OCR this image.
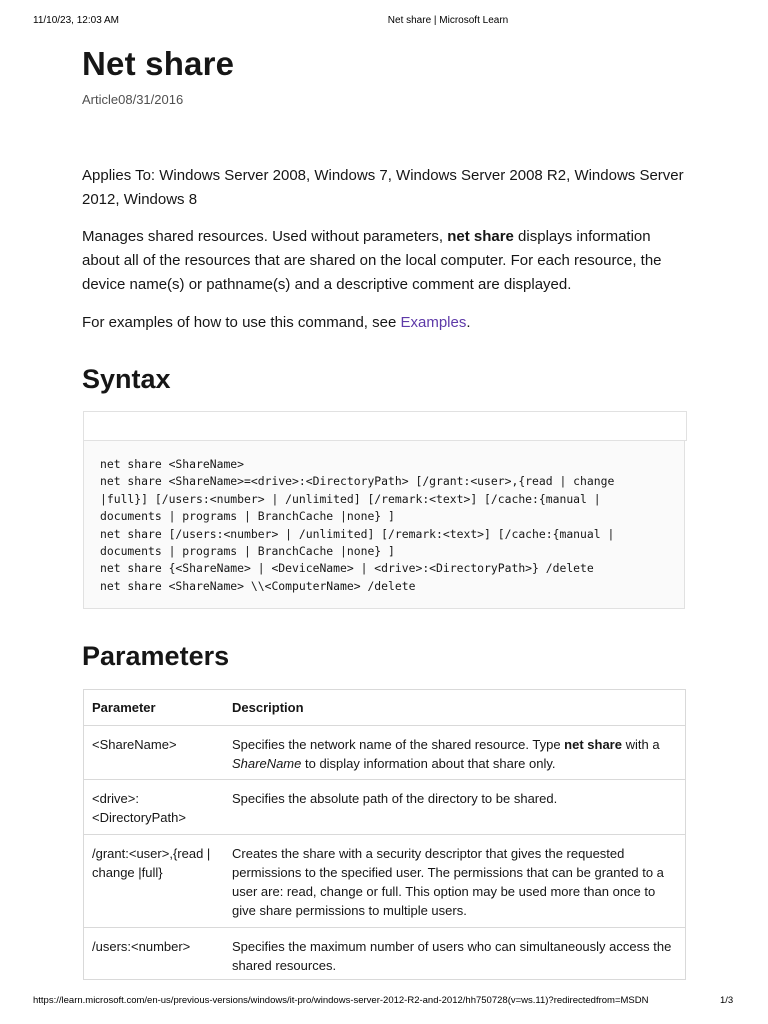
11/10/23, 12:03 AM	Net share | Microsoft Learn
Net share
Article08/31/2016

Applies To: Windows Server 2008, Windows 7, Windows Server 2008 R2, Windows Server 2012, Windows 8

Manages shared resources. Used without parameters, net share displays information about all of the resources that are shared on the local computer. For each resource, the device name(s) or pathname(s) and a descriptive comment are displayed.

For examples of how to use this command, see Examples.

Syntax
net share <ShareName>
net share <ShareName>=<drive>:<DirectoryPath> [/grant:<user>,{read | change
|full}] [/users:<number> | /unlimited] [/remark:<text>] [/cache:{manual |
documents | programs | BranchCache |none} ]
net share [/users:<number> | /unlimited] [/remark:<text>] [/cache:{manual |
documents | programs | BranchCache |none} ]
net share {<ShareName> | <DeviceName> | <drive>:<DirectoryPath>} /delete
net share <ShareName> \\<ComputerName> /delete
Parameters
Parameter	Description
<ShareName>	Specifies the network name of the shared resource. Type net share with a ShareName to display information about that share only.
<drive>:<DirectoryPath>	Specifies the absolute path of the directory to be shared.
/grant:<user>,{read | change |full}	Creates the share with a security descriptor that gives the requested permissions to the specified user. The permissions that can be granted to a user are: read, change or full. This option may be used more than once to give share permissions to multiple users.
/users:<number>	Specifies the maximum number of users who can simultaneously access the shared resources.
https://learn.microsoft.com/en-us/previous-versions/windows/it-pro/windows-server-2012-R2-and-2012/hh750728(v=ws.11)?redirectedfrom=MSDN	1/3
